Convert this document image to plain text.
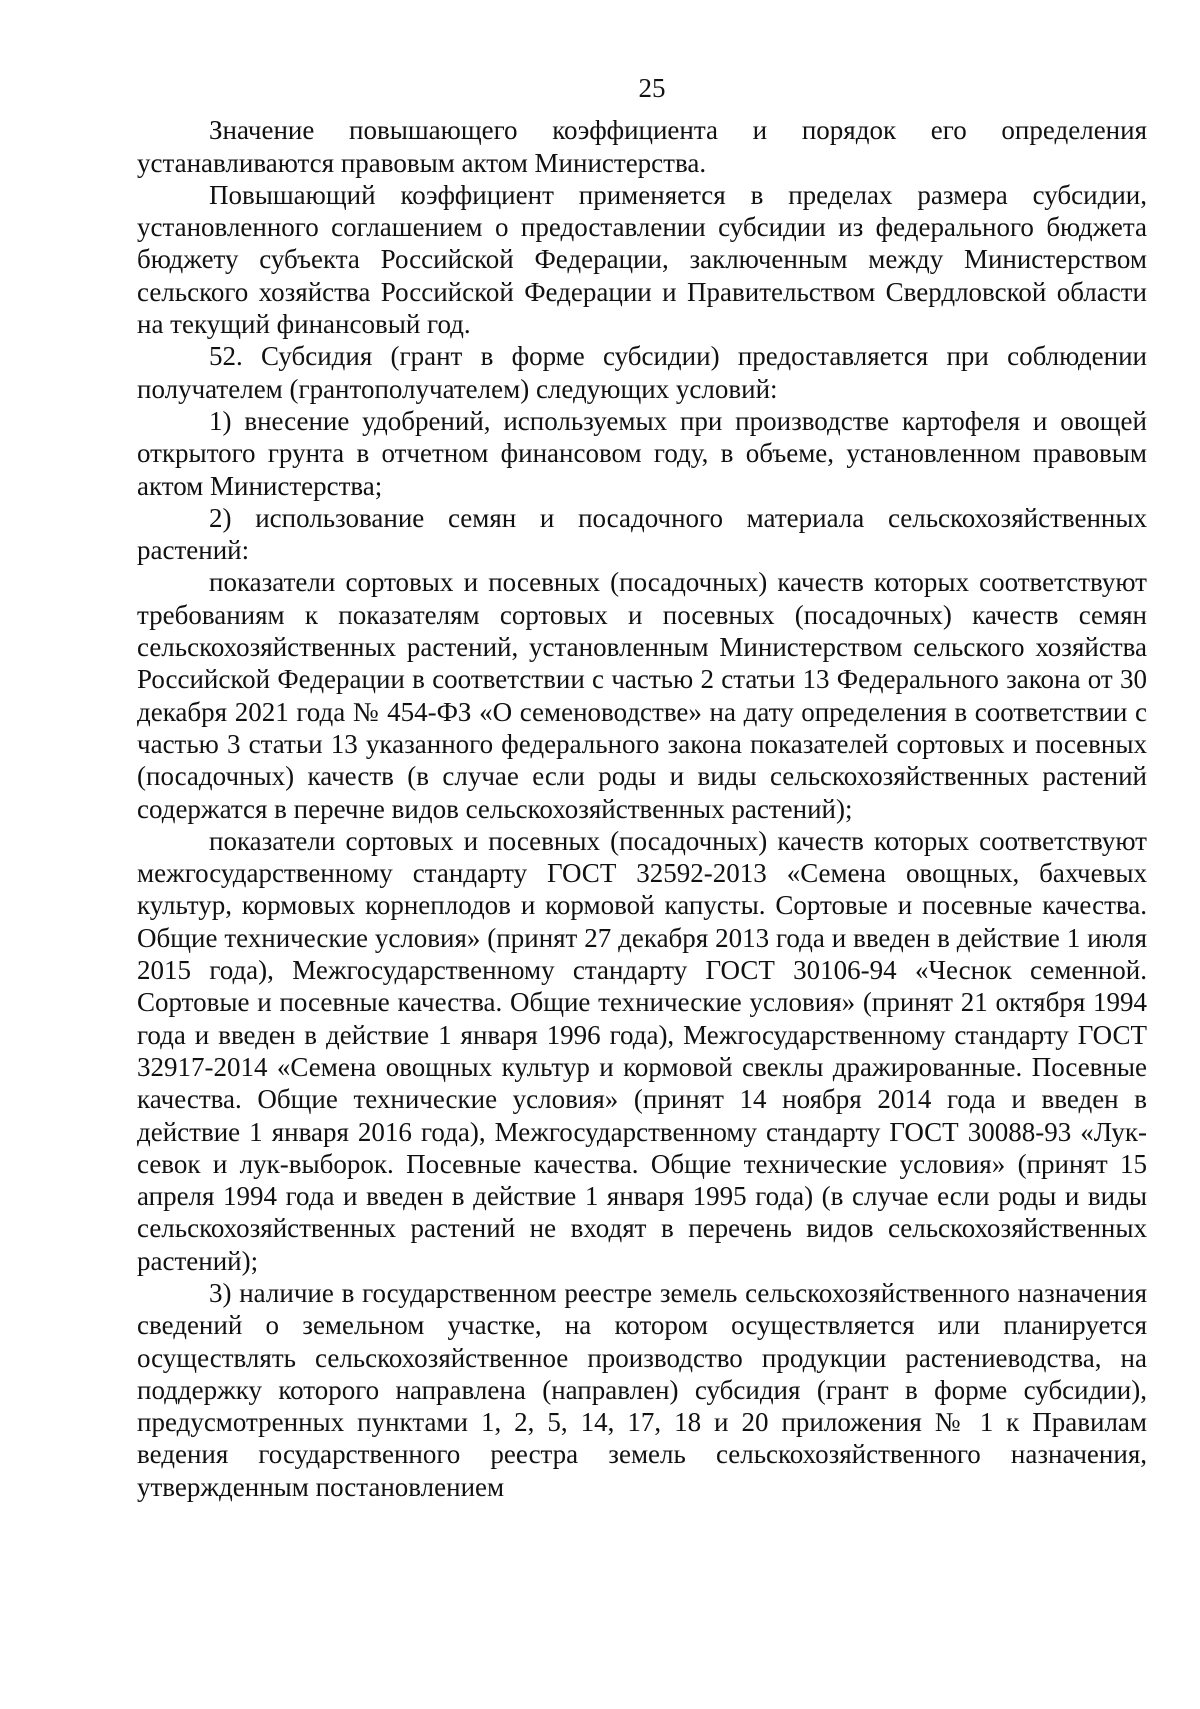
25

Значение повышающего коэффициента и порядок его определения устанавливаются правовым актом Министерства.

Повышающий коэффициент применяется в пределах размера субсидии, установленного соглашением о предоставлении субсидии из федерального бюджета бюджету субъекта Российской Федерации, заключенным между Министерством сельского хозяйства Российской Федерации и Правительством Свердловской области на текущий финансовый год.

52. Субсидия (грант в форме субсидии) предоставляется при соблюдении получателем (грантополучателем) следующих условий:

1) внесение удобрений, используемых при производстве картофеля и овощей открытого грунта в отчетном финансовом году, в объеме, установленном правовым актом Министерства;

2) использование семян и посадочного материала сельскохозяйственных растений:

показатели сортовых и посевных (посадочных) качеств которых соответствуют требованиям к показателям сортовых и посевных (посадочных) качеств семян сельскохозяйственных растений, установленным Министерством сельского хозяйства Российской Федерации в соответствии с частью 2 статьи 13 Федерального закона от 30 декабря 2021 года № 454-ФЗ «О семеноводстве» на дату определения в соответствии с частью 3 статьи 13 указанного федерального закона показателей сортовых и посевных (посадочных) качеств (в случае если роды и виды сельскохозяйственных растений содержатся в перечне видов сельскохозяйственных растений);

показатели сортовых и посевных (посадочных) качеств которых соответствуют межгосударственному стандарту ГОСТ 32592-2013 «Семена овощных, бахчевых культур, кормовых корнеплодов и кормовой капусты. Сортовые и посевные качества. Общие технические условия» (принят 27 декабря 2013 года и введен в действие 1 июля 2015 года), Межгосударственному стандарту ГОСТ 30106-94 «Чеснок семенной. Сортовые и посевные качества. Общие технические условия» (принят 21 октября 1994 года и введен в действие 1 января 1996 года), Межгосударственному стандарту ГОСТ 32917-2014 «Семена овощных культур и кормовой свеклы дражированные. Посевные качества. Общие технические условия» (принят 14 ноября 2014 года и введен в действие 1 января 2016 года), Межгосударственному стандарту ГОСТ 30088-93 «Лук-севок и лук-выборок. Посевные качества. Общие технические условия» (принят 15 апреля 1994 года и введен в действие 1 января 1995 года) (в случае если роды и виды сельскохозяйственных растений не входят в перечень видов сельскохозяйственных растений);

3) наличие в государственном реестре земель сельскохозяйственного назначения сведений о земельном участке, на котором осуществляется или планируется осуществлять сельскохозяйственное производство продукции растениеводства, на поддержку которого направлена (направлен) субсидия (грант в форме субсидии), предусмотренных пунктами 1, 2, 5, 14, 17, 18 и 20 приложения № 1 к Правилам ведения государственного реестра земель сельскохозяйственного назначения, утвержденным постановлением
